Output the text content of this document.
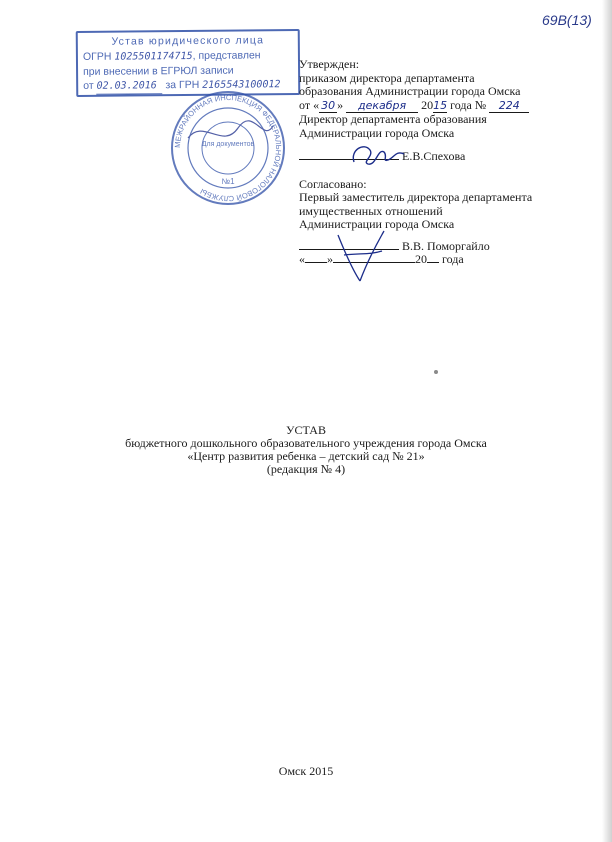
69В(13)
Устав юридического лица
ОГРН 1025501174715, представлен
при внесении в ЕГРЮЛ записи
от 02.03.2016 за ГРН 2165543100012
МЕЖРАЙОННАЯ ИНСПЕКЦИЯ ФЕДЕРАЛЬНОЙ НАЛОГОВОЙ СЛУЖБЫ
Для документов
№1
Утвержден:
приказом директора департамента
образования Администрации города Омска
от « 30 » декабря 2015 года № 224
Директор департамента образования
Администрации города Омска
Е.В.Спехова
Согласовано:
Первый заместитель директора департамента
имущественных отношений
Администрации города Омска
В.В. Поморгайло
« »	20 года
УСТАВ
бюджетного дошкольного образовательного учреждения города Омска
«Центр развития ребенка – детский сад № 21»
(редакция № 4)
Омск 2015
